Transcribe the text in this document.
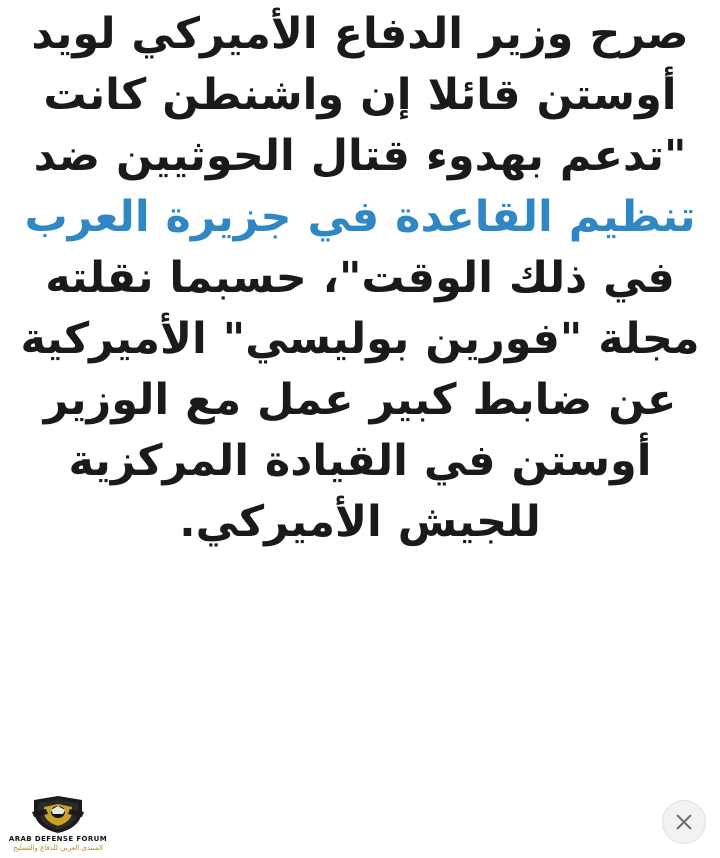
صرح وزير الدفاع الأميركي لويد أوستن قائلا إن واشنطن كانت "تدعم بهدوء قتال الحوثيين ضد تنظيم القاعدة في جزيرة العرب في ذلك الوقت"، حسبما نقلته مجلة "فورين بوليسي" الأميركية عن ضابط كبير عمل مع الوزير أوستن في القيادة المركزية للجيش الأميركي.
ARAB DEFENSE FORUM
المنتدى العربي للدفاع والتسليح
